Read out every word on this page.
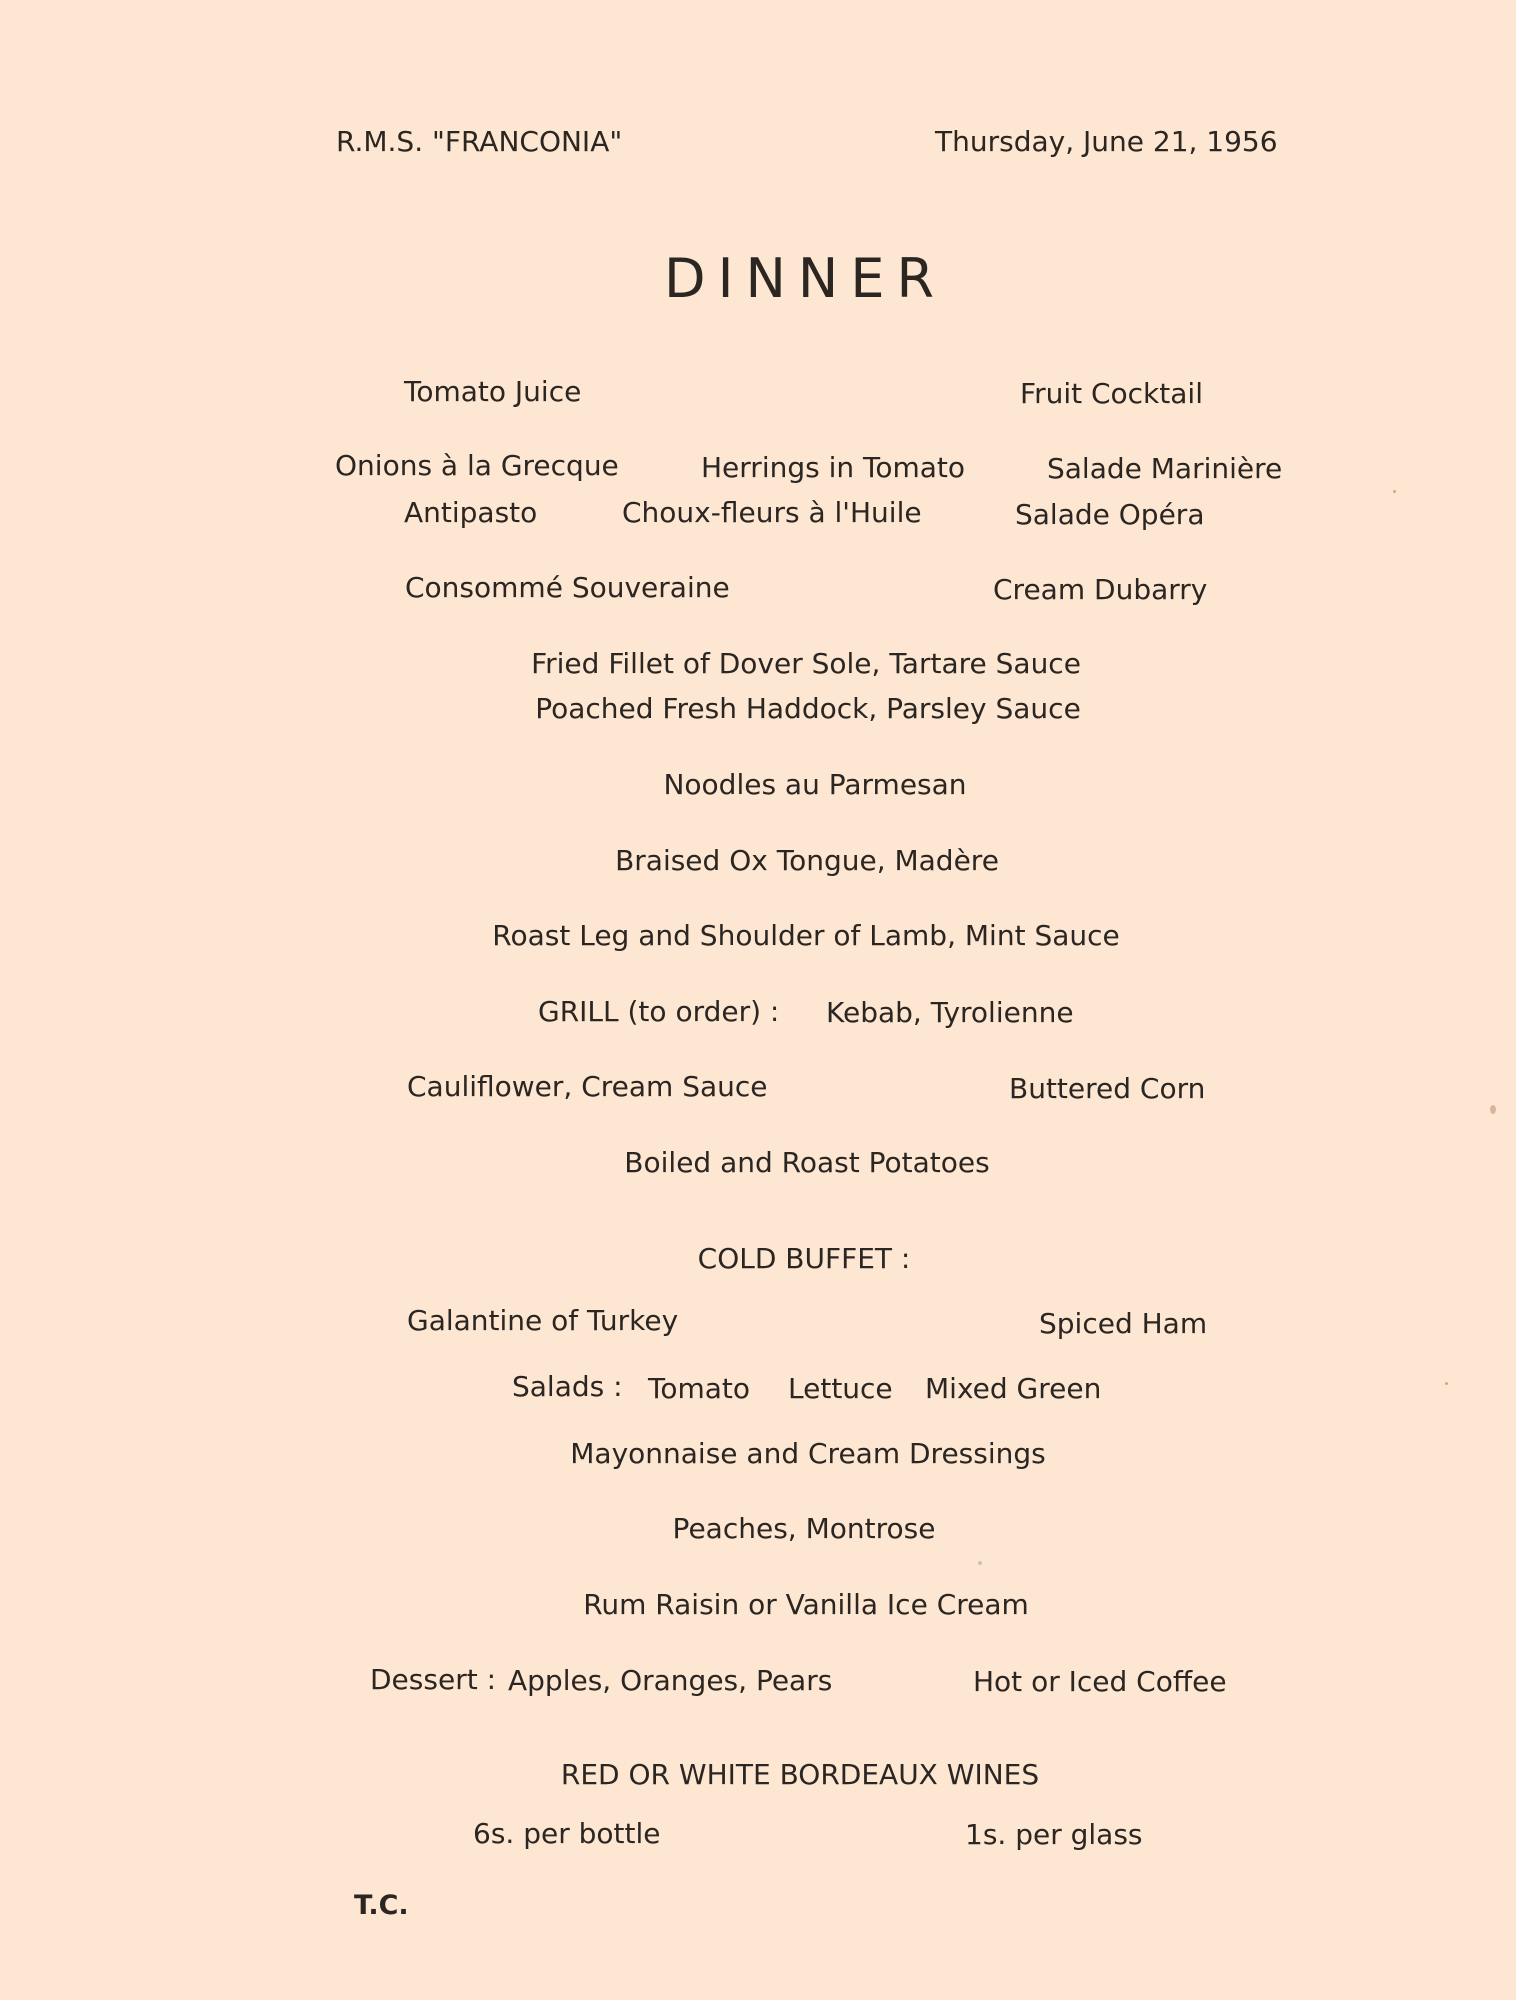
R.M.S. "FRANCONIA"	Thursday, June 21, 1956
DINNER
Tomato Juice	Fruit Cocktail
Onions à la Grecque	Herrings in Tomato	Salade Marinière
Antipasto	Choux-fleurs à l'Huile	Salade Opéra
Consommé Souveraine	Cream Dubarry
Fried Fillet of Dover Sole, Tartare Sauce
Poached Fresh Haddock, Parsley Sauce
Noodles au Parmesan
Braised Ox Tongue, Madère
Roast Leg and Shoulder of Lamb, Mint Sauce
GRILL (to order) : Kebab, Tyrolienne
Cauliflower, Cream Sauce	Buttered Corn
Boiled and Roast Potatoes
COLD BUFFET :
Galantine of Turkey	Spiced Ham
Salads : Tomato Lettuce Mixed Green
Mayonnaise and Cream Dressings
Peaches, Montrose
Rum Raisin or Vanilla Ice Cream
Dessert : Apples, Oranges, Pears	Hot or Iced Coffee
RED OR WHITE BORDEAUX WINES
6s. per bottle	1s. per glass
T.C.
